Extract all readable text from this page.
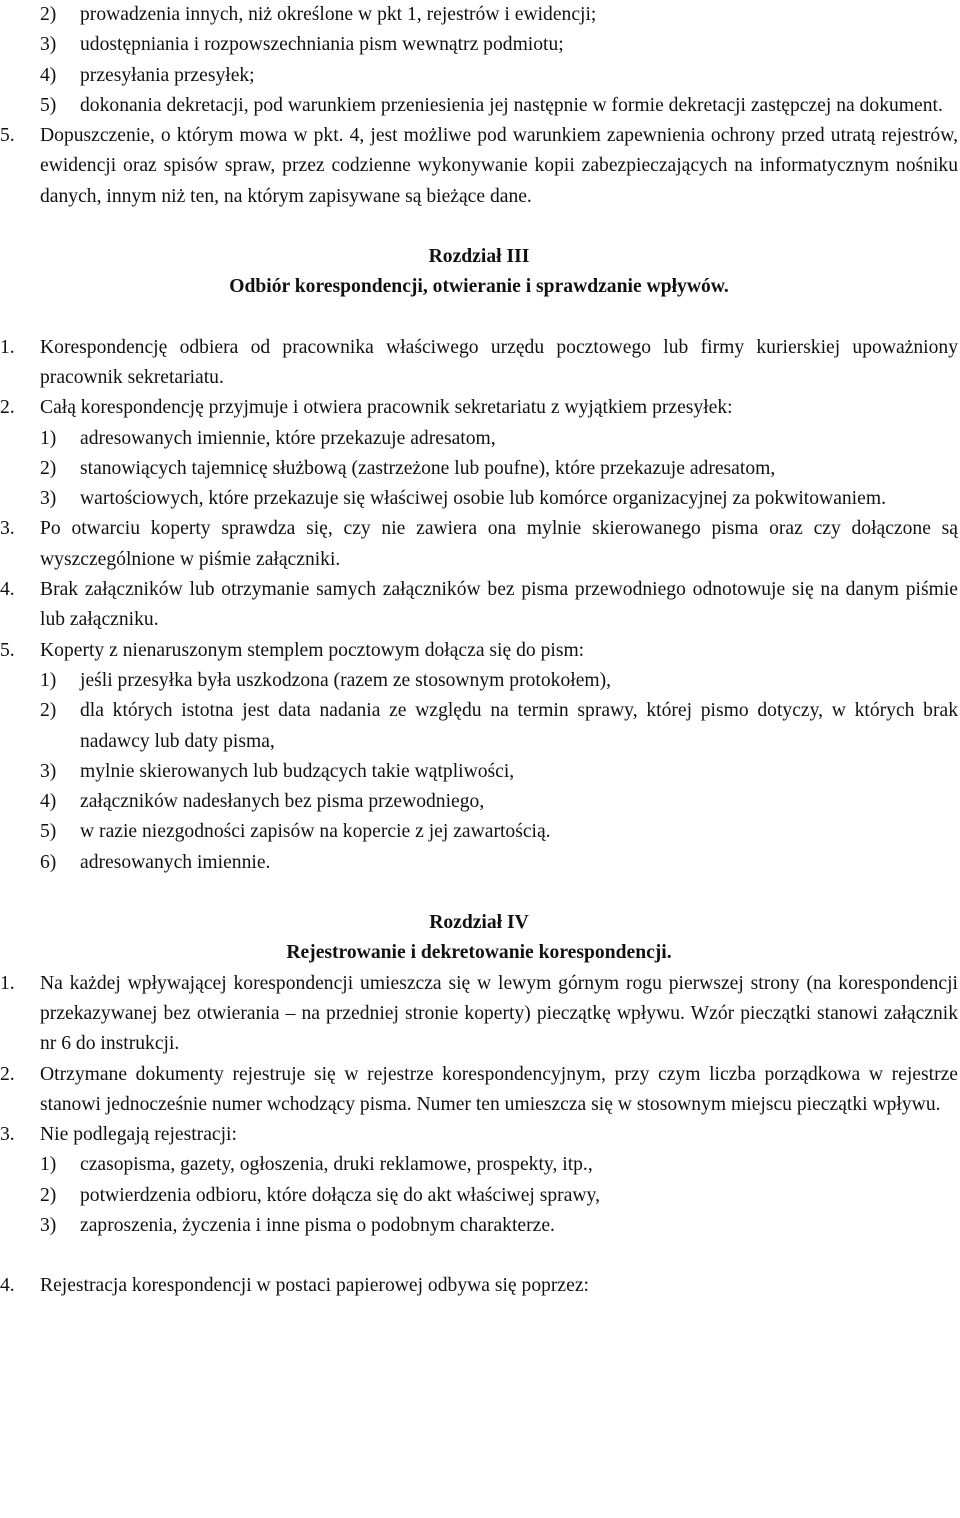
2) prowadzenia innych, niż określone w pkt 1, rejestrów i ewidencji;
3) udostępniania i rozpowszechniania pism wewnątrz podmiotu;
4) przesyłania przesyłek;
5) dokonania dekretacji, pod warunkiem przeniesienia jej następnie w formie dekretacji zastępczej na dokument.
5. Dopuszczenie, o którym mowa w pkt. 4, jest możliwe pod warunkiem zapewnienia ochrony przed utratą rejestrów, ewidencji oraz spisów spraw, przez codzienne wykonywanie kopii zabezpieczających na informatycznym nośniku danych, innym niż ten, na którym zapisywane są bieżące dane.
Rozdział III
Odbiór korespondencji, otwieranie i sprawdzanie wpływów.
1. Korespondencję odbiera od pracownika właściwego urzędu pocztowego lub firmy kurierskiej upoważniony pracownik sekretariatu.
2. Całą korespondencję przyjmuje i otwiera pracownik sekretariatu z wyjątkiem przesyłek:
1) adresowanych imiennie, które przekazuje adresatom,
2) stanowiących tajemnicę służbową (zastrzeżone lub poufne), które przekazuje adresatom,
3) wartościowych, które przekazuje się właściwej osobie lub komórce organizacyjnej za pokwitowaniem.
3. Po otwarciu koperty sprawdza się, czy nie zawiera ona mylnie skierowanego pisma oraz czy dołączone są wyszczególnione w piśmie załączniki.
4. Brak załączników lub otrzymanie samych załączników bez pisma przewodniego odnotowuje się na danym piśmie lub załączniku.
5. Koperty z nienaruszonym stemplem pocztowym dołącza się do pism:
1) jeśli przesyłka była uszkodzona (razem ze stosownym protokołem),
2) dla których istotna jest data nadania ze względu na termin sprawy, której pismo dotyczy, w których brak nadawcy lub daty pisma,
3) mylnie skierowanych lub budzących takie wątpliwości,
4) załączników nadesłanych bez pisma przewodniego,
5) w razie niezgodności zapisów na kopercie z jej zawartością.
6) adresowanych imiennie.
Rozdział IV
Rejestrowanie i dekretowanie korespondencji.
1. Na każdej wpływającej korespondencji umieszcza się w lewym górnym rogu pierwszej strony (na korespondencji przekazywanej bez otwierania – na przedniej stronie koperty) pieczątkę wpływu. Wzór pieczątki stanowi załącznik nr 6 do instrukcji.
2. Otrzymane dokumenty rejestruje się w rejestrze korespondencyjnym, przy czym liczba porządkowa w rejestrze stanowi jednocześnie numer wchodzący pisma. Numer ten umieszcza się w stosownym miejscu pieczątki wpływu.
3. Nie podlegają rejestracji:
1) czasopisma, gazety, ogłoszenia, druki reklamowe, prospekty, itp.,
2) potwierdzenia odbioru, które dołącza się do akt właściwej sprawy,
3) zaproszenia, życzenia i inne pisma o podobnym charakterze.
4. Rejestracja korespondencji w postaci papierowej odbywa się poprzez:
